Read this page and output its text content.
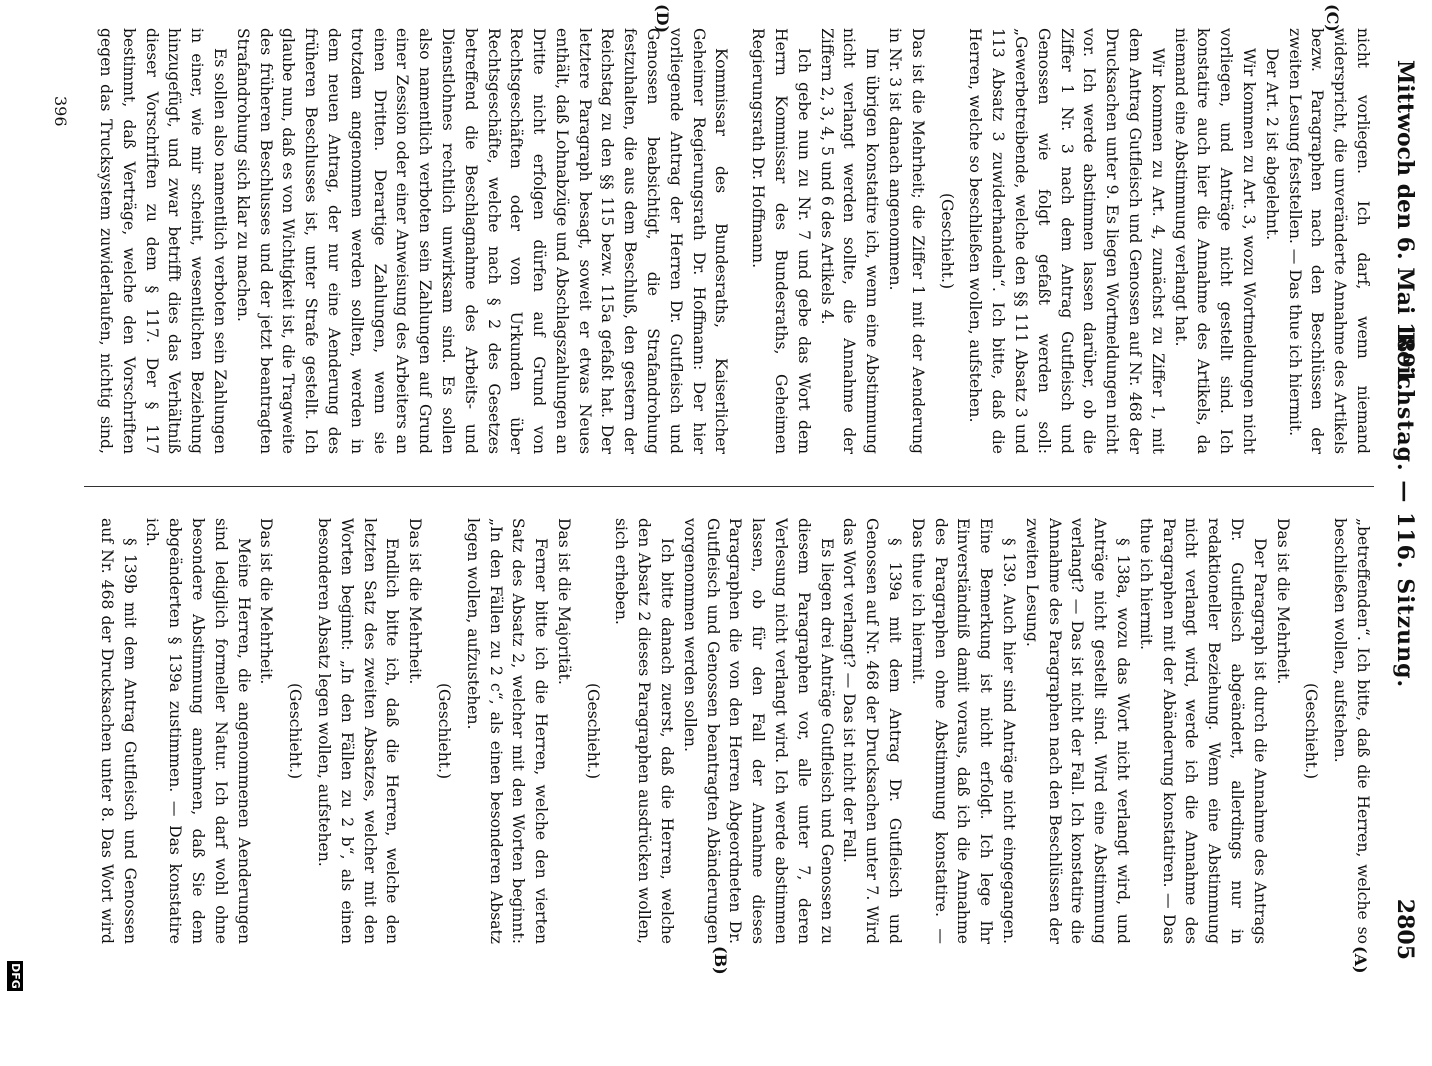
2805
Reichstag. — 116. Sitzung.
Mittwoch den 6. Mai 1891.

nicht vorliegen. Ich darf, wenn niemand widerspricht, die unveränderte Annahme des Artikels bezw. Paragraphen nach den Beschlüssen der zweiten Lesung feststellen. — Das thue ich hiermit.

Der Art. 2 ist abgelehnt.

Wir kommen zu Art. 3, wozu Wortmeldungen nicht vorliegen, und Anträge nicht gestellt sind. Ich konstatire auch hier die Annahme des Artikels, da niemand eine Abstimmung verlangt hat.

Wir kommen zu Art. 4, zunächst zu Ziffer 1, mit dem Antrag Gutfleisch und Genossen auf Nr. 468 der Drucksachen unter 9. Es liegen Wortmeldungen nicht vor. Ich werde abstimmen lassen darüber, ob die Ziffer 1 Nr. 3 nach dem Antrag Gutfleisch und Genossen wie folgt gefaßt werden soll: „Gewerbetreibende, welche den §§ 111 Absatz 3 und 113 Absatz 3 zuwiderhandeln“. Ich bitte, daß die Herren, welche so beschließen wollen, aufstehen.

(Geschieht.)

Das ist die Mehrheit; die Ziffer 1 mit der Aenderung in Nr. 3 ist danach angenommen.

Im übrigen konstatire ich, wenn eine Abstimmung nicht verlangt werden sollte, die Annahme der Ziffern 2, 3, 4, 5 und 6 des Artikels 4.

Ich gebe nun zu Nr. 7 und gebe das Wort dem Herrn Kommissar des Bundesraths, Geheimen Regierungsrath Dr. Hoffmann.

Kommissar des Bundesraths, Kaiserlicher Geheimer Regierungsrath Dr. Hoffmann: Der hier vorliegende Antrag der Herren Dr. Gutfleisch und Genossen beabsichtigt, die Strafandrohung festzuhalten, die aus dem Beschluß, den gestern der Reichstag zu den §§ 115 bezw. 115a gefaßt hat. Der letztere Paragraph besagt, soweit er etwas Neues enthält, daß Lohnabzüge und Abschlagszahlungen an Dritte nicht erfolgen dürfen auf Grund von Rechtsgeschäften oder von Urkunden über Rechtsgeschäfte, welche nach § 2 des Gesetzes betreffend die Beschlagnahme des Arbeits- und Dienstlohnes rechtlich unwirksam sind. Es sollen also namentlich verboten sein Zahlungen auf Grund einer Zession oder einer Anweisung des Arbeiters an einen Dritten. Derartige Zahlungen, wenn sie trotzdem angenommen werden sollten, werden in dem neuen Antrag, der nur eine Aenderung des früheren Beschlusses ist, unter Strafe gestellt. Ich glaube nun, daß es von Wichtigkeit ist, die Tragweite des früheren Beschlusses und der jetzt beantragten Strafandrohung sich klar zu machen.

Es sollen also namentlich verboten sein Zahlungen in einer, wie mir scheint, wesentlichen Beziehung hinzugefügt, und zwar betrifft dies das Verhältniß dieser Vorschriften zu dem § 117. Der § 117 bestimmt, daß Verträge, welche den Vorschriften gegen das Trucksystem zuwiderlaufen, nichtig sind,

„betreffenden“. Ich bitte, daß die Herren, welche so beschließen wollen, aufstehen.

(Geschieht.)

Das ist die Mehrheit.

Der Paragraph ist durch die Annahme des Antrags Dr. Gutfleisch abgeändert, allerdings nur in redaktioneller Beziehung. Wenn eine Abstimmung nicht verlangt wird, werde ich die Annahme des Paragraphen mit der Abänderung konstatiren. — Das thue ich hiermit.

§ 138a, wozu das Wort nicht verlangt wird, und Anträge nicht gestellt sind. Wird eine Abstimmung verlangt? — Das ist nicht der Fall. Ich konstatire die Annahme des Paragraphen nach den Beschlüssen der zweiten Lesung.

§ 139. Auch hier sind Anträge nicht eingegangen. Eine Bemerkung ist nicht erfolgt. Ich lege Ihr Einverständniß damit voraus, daß ich die Annahme des Paragraphen ohne Abstimmung konstatire. — Das thue ich hiermit.

§ 139a mit dem Antrag Dr. Gutfleisch und Genossen auf Nr. 468 der Drucksachen unter 7. Wird das Wort verlangt? — Das ist nicht der Fall.

Es liegen drei Anträge Gutfleisch und Genossen zu diesem Paragraphen vor, alle unter 7, deren Verlesung nicht verlangt wird. Ich werde abstimmen lassen, ob für den Fall der Annahme dieses Paragraphen die von den Herren Abgeordneten Dr. Gutfleisch und Genossen beantragten Abänderungen vorgenommen werden sollen.

Ich bitte danach zuerst, daß die Herren, welche den Absatz 2 dieses Paragraphen ausdrücken wollen, sich erheben.

(Geschieht.)

Das ist die Majorität.

Ferner bitte ich die Herren, welche den vierten Satz des Absatz 2, welcher mit den Worten beginnt: „In den Fällen zu 2 c“, als einen besonderen Absatz legen wollen, aufzustehen.

(Geschieht.)

Das ist die Mehrheit.

Endlich bitte ich, daß die Herren, welche den letzten Satz des zweiten Absatzes, welcher mit den Worten beginnt: „In den Fällen zu 2 b“, als einen besonderen Absatz legen wollen, aufstehen.

(Geschieht.)

Das ist die Mehrheit.

Meine Herren, die angenommenen Aenderungen sind lediglich formeller Natur. Ich darf wohl ohne besondere Abstimmung annehmen, daß Sie dem abgeänderten § 139a zustimmen. — Das konstatire ich.

§ 139b mit dem Antrag Gutfleisch und Genossen auf Nr. 468 der Drucksachen unter 8. Das Wort wird

(C)
(D)
(A)
(B)
396
DFG
